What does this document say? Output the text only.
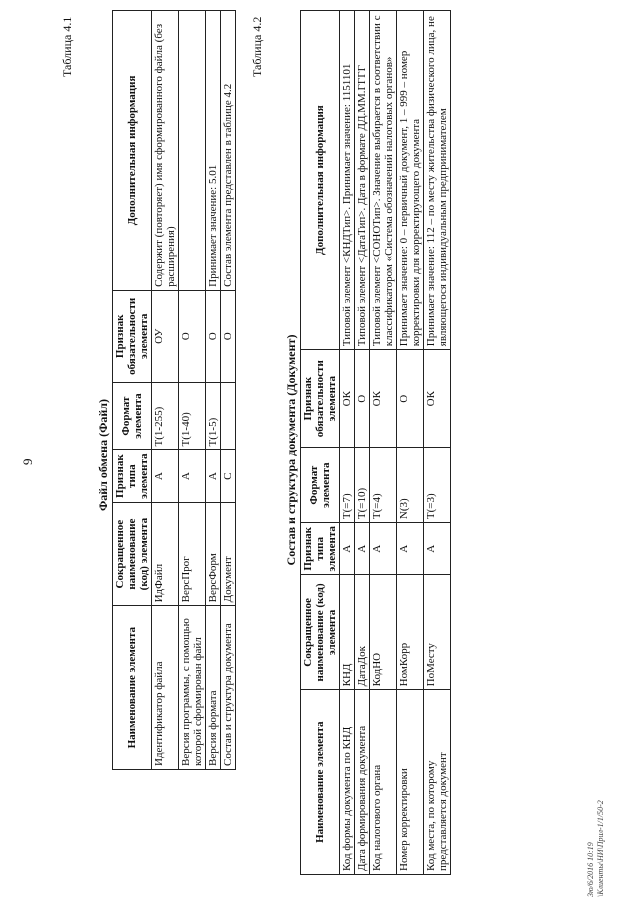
9
Таблица 4.1
Файл обмена (Файл)
Наименование элемента	Сокращенное наименование (код) элемента	Признак типа элемента	Формат элемента	Признак обязательности элемента	Дополнительная информация
Идентификатор файла	ИдФайл	А	T(1-255)	ОУ	Содержит (повторяет) имя сформированного файла (без расширения)
Версия программы, с помощью которой сформирован файл	ВерсПрог	А	T(1-40)	О	
Версия формата	ВерсФорм	А	T(1-5)	О	Принимает значение: 5.01
Состав и структура документа	Документ	С		О	Состав элемента представлен в таблице 4.2
Таблица 4.2
Состав и структура документа (Документ)
Наименование элемента	Сокращенное наименование (код) элемента	Признак типа элемента	Формат элемента	Признак обязательности элемента	Дополнительная информация
Код формы документа по КНД	КНД	А	T(=7)	ОК	Типовой элемент <КНДТип>. Принимает значение: 1151101
Дата формирования документа	ДатаДок	А	T(=10)	О	Типовой элемент <ДатаТип>. Дата в формате ДД.ММ.ГГГГ
Код налогового органа	КодНО	А	T(=4)	ОК	Типовой элемент <СОНОТип>. Значение выбирается в соответствии с классификатором «Система обозначений налоговых органов»
Номер корректировки	НомКорр	А	N(3)	О	Принимает значение: 0 – первичный документ, 1 – 999 – номер корректировки для корректирующего документа
Код места, по которому представляется документ	ПоМесту	А	T(=3)	ОК	Принимает значение: 112 – по месту жительства физического лица, не являющегося индивидуальным предпринимателем
3ю/6/2016 10:19 \Клиенты\НИ\Прил-1/1/50-2
